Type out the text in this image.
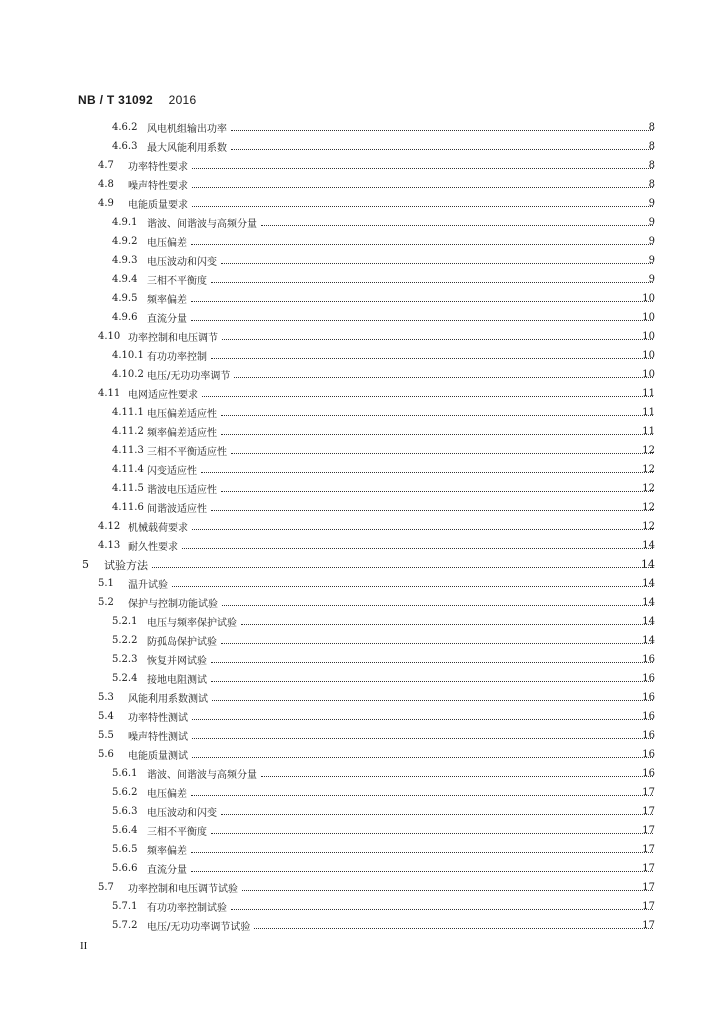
NB / T 31092 2016
4.6.2 风电机组输出功率	8
4.6.3 最大风能利用系数	8
4.7 功率特性要求	8
4.8 噪声特性要求	8
4.9 电能质量要求	9
4.9.1 谐波、间谐波与高频分量	9
4.9.2 电压偏差	9
4.9.3 电压波动和闪变	9
4.9.4 三相不平衡度	9
4.9.5 频率偏差	10
4.9.6 直流分量	10
4.10 功率控制和电压调节	10
4.10.1 有功功率控制	10
4.10.2 电压/无功功率调节	10
4.11 电网适应性要求	11
4.11.1 电压偏差适应性	11
4.11.2 频率偏差适应性	11
4.11.3 三相不平衡适应性	12
4.11.4 闪变适应性	12
4.11.5 谐波电压适应性	12
4.11.6 间谐波适应性	12
4.12 机械载荷要求	12
4.13 耐久性要求	14
5 试验方法	14
5.1 温升试验	14
5.2 保护与控制功能试验	14
5.2.1 电压与频率保护试验	14
5.2.2 防孤岛保护试验	14
5.2.3 恢复并网试验	16
5.2.4 接地电阻测试	16
5.3 风能利用系数测试	16
5.4 功率特性测试	16
5.5 噪声特性测试	16
5.6 电能质量测试	16
5.6.1 谐波、间谐波与高频分量	16
5.6.2 电压偏差	17
5.6.3 电压波动和闪变	17
5.6.4 三相不平衡度	17
5.6.5 频率偏差	17
5.6.6 直流分量	17
5.7 功率控制和电压调节试验	17
5.7.1 有功功率控制试验	17
5.7.2 电压/无功功率调节试验	17
II
